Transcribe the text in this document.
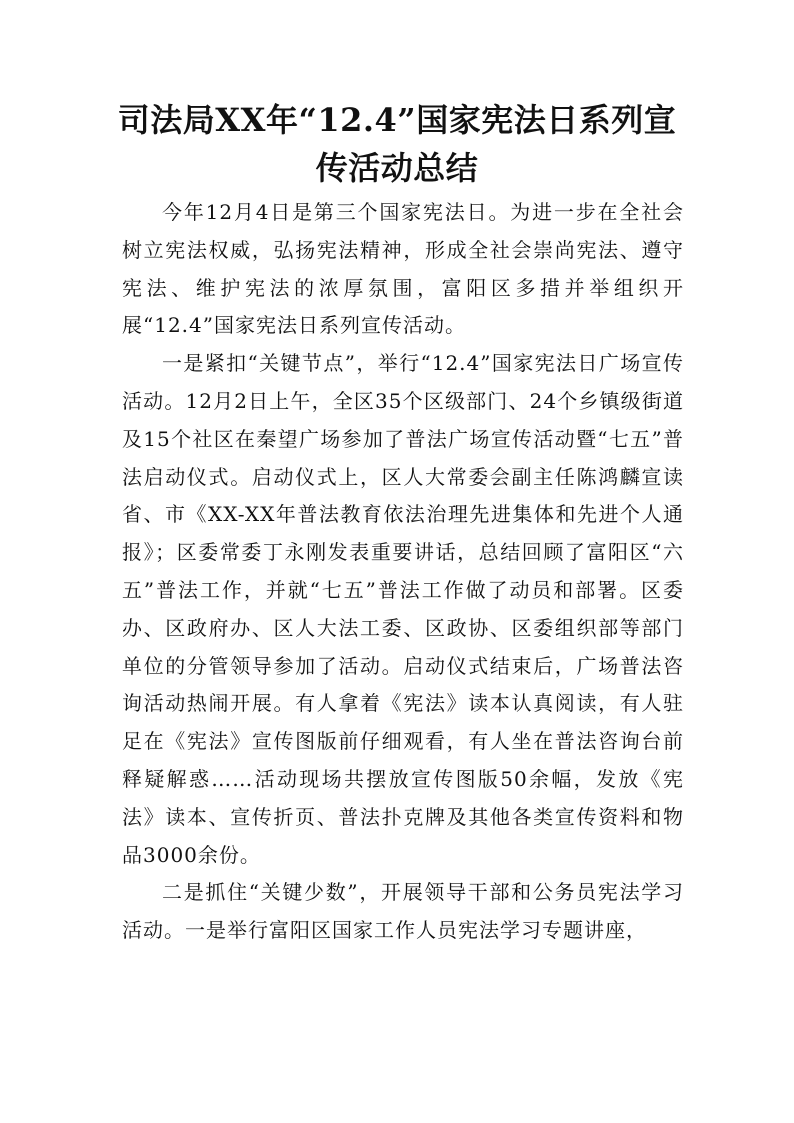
司法局XX年“12.4”国家宪法日系列宣传活动总结

今年12月4日是第三个国家宪法日。为进一步在全社会树立宪法权威，弘扬宪法精神，形成全社会崇尚宪法、遵守宪法、维护宪法的浓厚氛围，富阳区多措并举组织开展“12.4”国家宪法日系列宣传活动。

一是紧扣“关键节点”，举行“12.4”国家宪法日广场宣传活动。12月2日上午，全区35个区级部门、24个乡镇级街道及15个社区在秦望广场参加了普法广场宣传活动暨“七五”普法启动仪式。启动仪式上，区人大常委会副主任陈鸿麟宣读省、市《XX-XX年普法教育依法治理先进集体和先进个人通报》；区委常委丁永刚发表重要讲话，总结回顾了富阳区“六五”普法工作，并就“七五”普法工作做了动员和部署。区委办、区政府办、区人大法工委、区政协、区委组织部等部门单位的分管领导参加了活动。启动仪式结束后，广场普法咨询活动热闹开展。有人拿着《宪法》读本认真阅读，有人驻足在《宪法》宣传图版前仔细观看，有人坐在普法咨询台前释疑解惑……活动现场共摆放宣传图版50余幅，发放《宪法》读本、宣传折页、普法扑克牌及其他各类宣传资料和物品3000余份。

二是抓住“关键少数”，开展领导干部和公务员宪法学习活动。一是举行富阳区国家工作人员宪法学习专题讲座，
